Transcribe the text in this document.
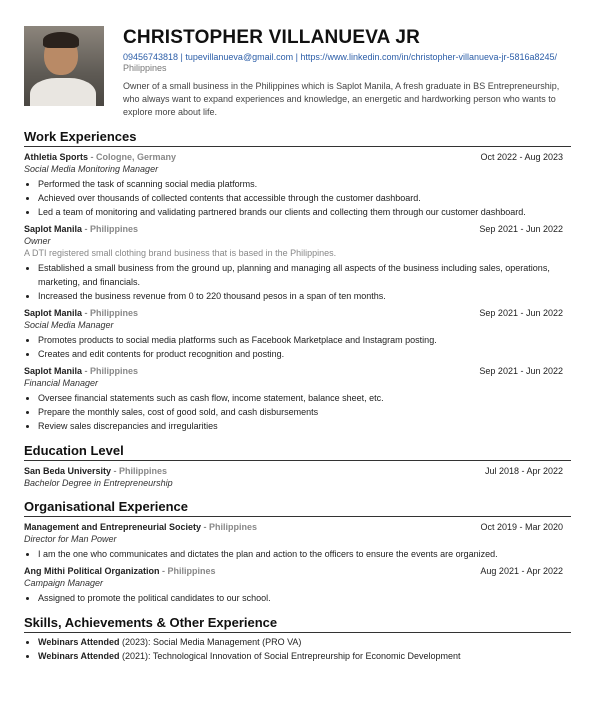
CHRISTOPHER VILLANUEVA JR
09456743818 | tupevillanueva@gmail.com | https://www.linkedin.com/in/christopher-villanueva-jr-5816a8245/
Philippines
Owner of a small business in the Philippines which is Saplot Manila, A fresh graduate in BS Entrepreneurship, who always want to expand experiences and knowledge, an energetic and hardworking person who wants to explore more about life.
Work Experiences
Athletia Sports - Cologne, Germany	Oct 2022 - Aug 2023
Social Media Monitoring Manager
• Performed the task of scanning social media platforms.
• Achieved over thousands of collected contents that accessible through the customer dashboard.
• Led a team of monitoring and validating partnered brands our clients and collecting them through our customer dashboard.
Saplot Manila - Philippines	Sep 2021 - Jun 2022
Owner
A DTI registered small clothing brand business that is based in the Philippines.
• Established a small business from the ground up, planning and managing all aspects of the business including sales, operations, marketing, and financials.
• Increased the business revenue from 0 to 220 thousand pesos in a span of ten months.
Saplot Manila - Philippines	Sep 2021 - Jun 2022
Social Media Manager
• Promotes products to social media platforms such as Facebook Marketplace and Instagram posting.
• Creates and edit contents for product recognition and posting.
Saplot Manila - Philippines	Sep 2021 - Jun 2022
Financial Manager
• Oversee financial statements such as cash flow, income statement, balance sheet, etc.
• Prepare the monthly sales, cost of good sold, and cash disbursements
• Review sales discrepancies and irregularities
Education Level
San Beda University - Philippines	Jul 2018 - Apr 2022
Bachelor Degree in Entrepreneurship
Organisational Experience
Management and Entrepreneurial Society - Philippines	Oct 2019 - Mar 2020
Director for Man Power
• I am the one who communicates and dictates the plan and action to the officers to ensure the events are organized.
Ang Mithi Political Organization - Philippines	Aug 2021 - Apr 2022
Campaign Manager
• Assigned to promote the political candidates to our school.
Skills, Achievements & Other Experience
• Webinars Attended (2023): Social Media Management (PRO VA)
• Webinars Attended (2021): Technological Innovation of Social Entrepreurship for Economic Development
